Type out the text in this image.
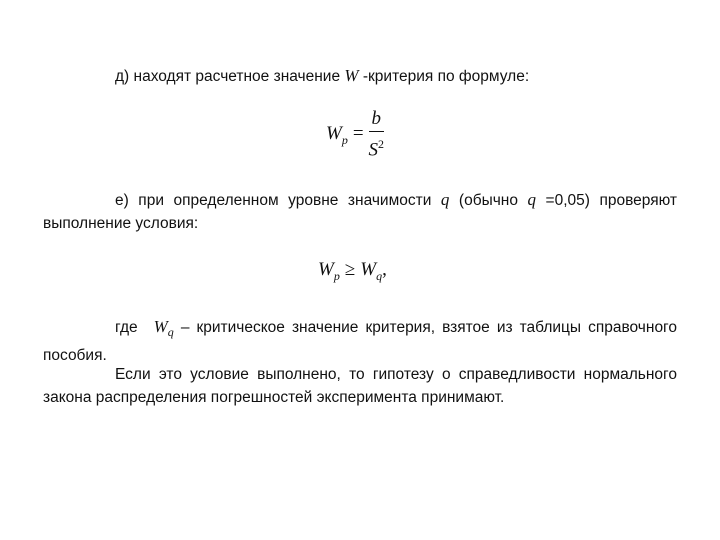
д) находят расчетное значение W -критерия по формуле:

$W_p = \frac{b}{S^2}$

е) при определенном уровне значимости q (обычно q =0,05) проверяют выполнение условия:

$W_p \ge W_q$,

где $W_q$ – критическое значение критерия, взятое из таблицы справочного пособия.

Если это условие выполнено, то гипотезу о справедливости нормального закона распределения погрешностей эксперимента принимают.
